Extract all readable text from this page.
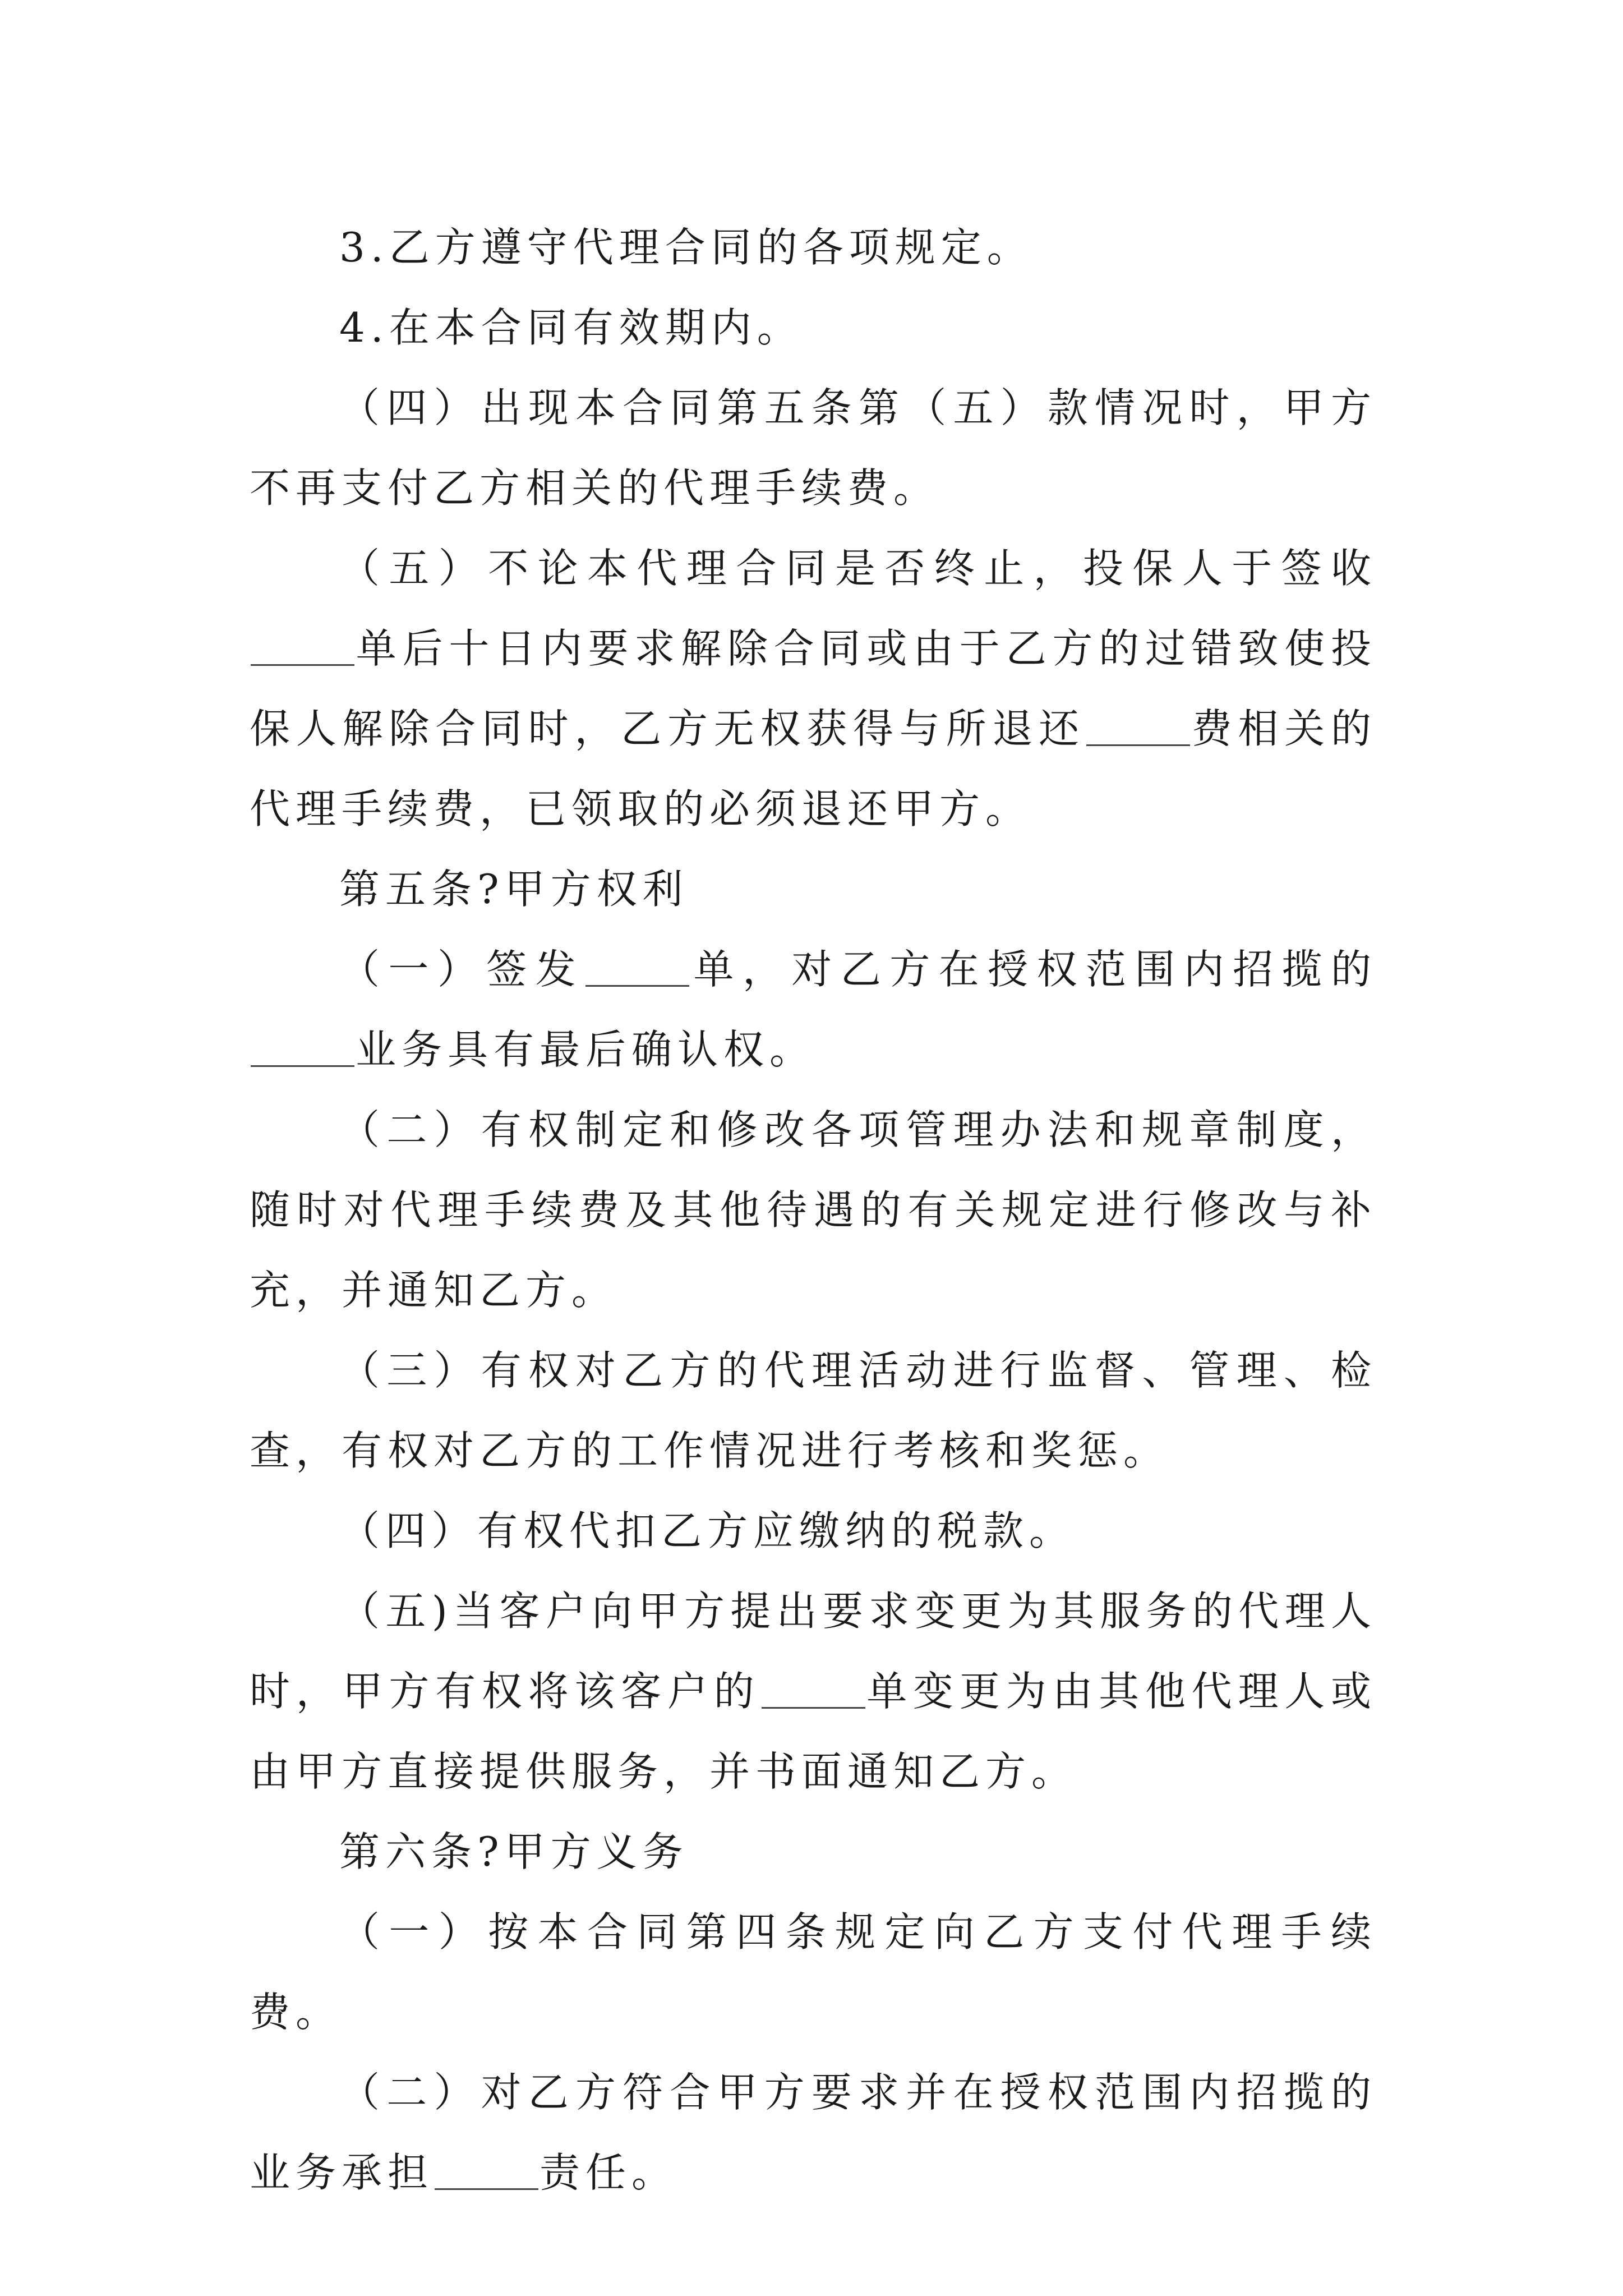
3.乙方遵守代理合同的各项规定。

4.在本合同有效期内。

（四）出现本合同第五条第（五）款情况时，甲方不再支付乙方相关的代理手续费。

（五）不论本代理合同是否终止，投保人于签收单后十日内要求解除合同或由于乙方的过错致使投保人解除合同时，乙方无权获得与所退还	费相关的代理手续费，已领取的必须退还甲方。

第五条?甲方权利

（一）签发	单，对乙方在授权范围内招揽的业务具有最后确认权。

（二）有权制定和修改各项管理办法和规章制度，随时对代理手续费及其他待遇的有关规定进行修改与补充，并通知乙方。

（三）有权对乙方的代理活动进行监督、管理、检查，有权对乙方的工作情况进行考核和奖惩。

（四）有权代扣乙方应缴纳的税款。

（五)当客户向甲方提出要求变更为其服务的代理人时，甲方有权将该客户的	单变更为由其他代理人或由甲方直接提供服务，并书面通知乙方。

第六条?甲方义务

（一）按本合同第四条规定向乙方支付代理手续费。

（二）对乙方符合甲方要求并在授权范围内招揽的业务承担	责任。
